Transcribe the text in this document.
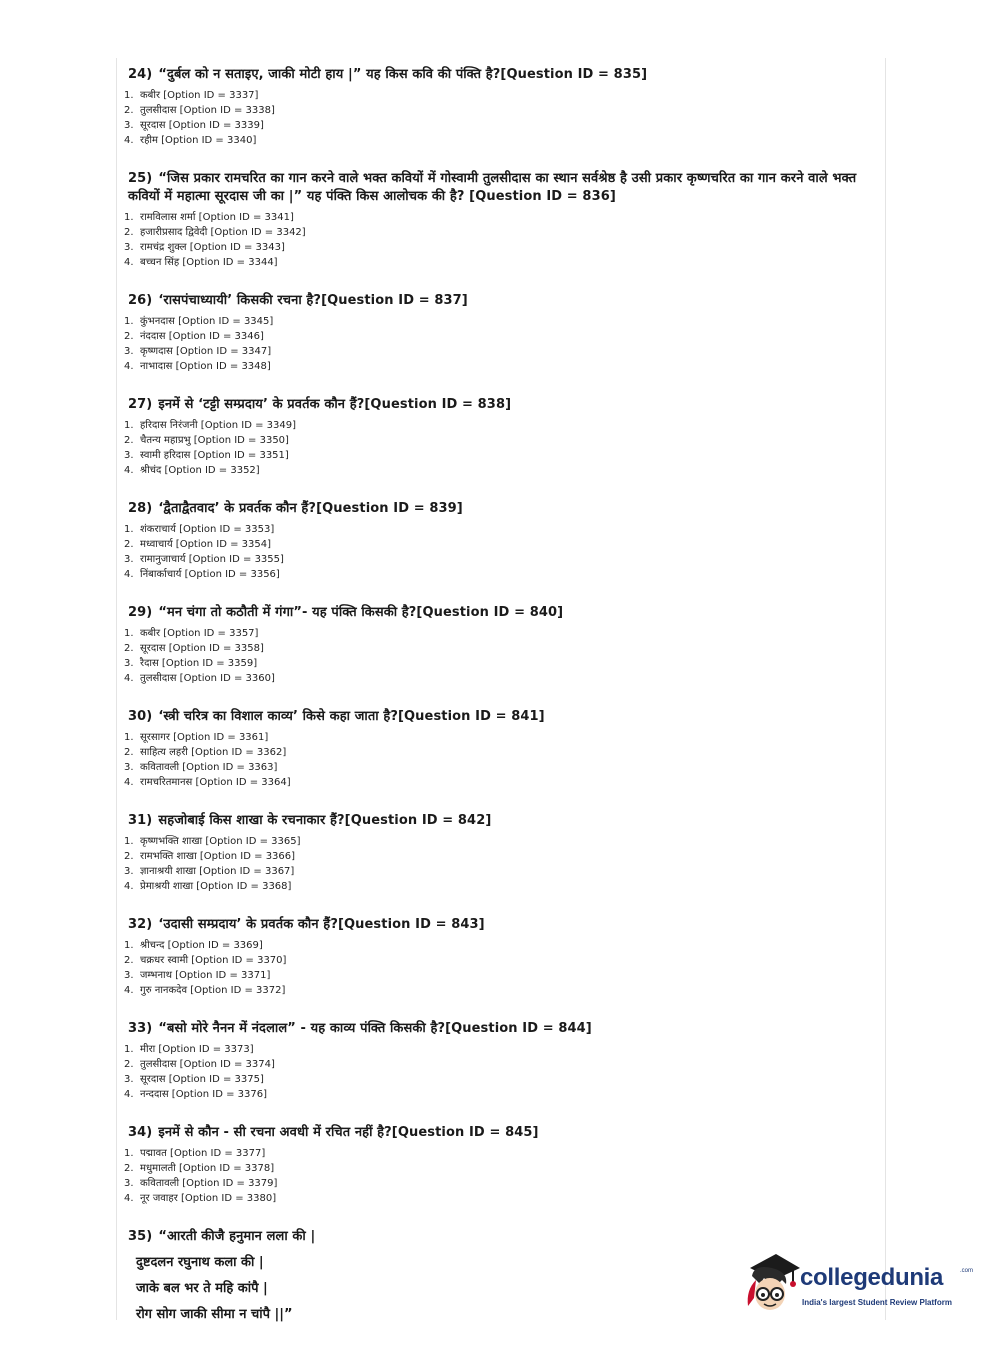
24) “दुर्बल को न सताइए, जाकी मोटी हाय |” यह किस कवि की पंक्ति है?[Question ID = 835]
1. कबीर [Option ID = 3337]
2. तुलसीदास [Option ID = 3338]
3. सूरदास [Option ID = 3339]
4. रहीम [Option ID = 3340]
25) “जिस प्रकार रामचरित का गान करने वाले भक्त कवियों में गोस्वामी तुलसीदास का स्थान सर्वश्रेष्ठ है उसी प्रकार कृष्णचरित का गान करने वाले भक्त कवियों में महात्मा सूरदास जी का |” यह पंक्ति किस आलोचक की है? [Question ID = 836]
1. रामविलास शर्मा [Option ID = 3341]
2. हजारीप्रसाद द्विवेदी [Option ID = 3342]
3. रामचंद्र शुक्ल [Option ID = 3343]
4. बच्चन सिंह [Option ID = 3344]
26) ‘रासपंचाध्यायी’ किसकी रचना है?[Question ID = 837]
1. कुंभनदास [Option ID = 3345]
2. नंददास [Option ID = 3346]
3. कृष्णदास [Option ID = 3347]
4. नाभादास [Option ID = 3348]
27) इनमें से ‘टट्टी सम्प्रदाय’ के प्रवर्तक कौन हैं?[Question ID = 838]
1. हरिदास निरंजनी [Option ID = 3349]
2. चैतन्य महाप्रभु [Option ID = 3350]
3. स्वामी हरिदास [Option ID = 3351]
4. श्रीचंद [Option ID = 3352]
28) ‘द्वैताद्वैतवाद’ के प्रवर्तक कौन हैं?[Question ID = 839]
1. शंकराचार्य [Option ID = 3353]
2. मध्वाचार्य [Option ID = 3354]
3. रामानुजाचार्य [Option ID = 3355]
4. निंबार्काचार्य [Option ID = 3356]
29) “मन चंगा तो कठौती में गंगा”- यह पंक्ति किसकी है?[Question ID = 840]
1. कबीर [Option ID = 3357]
2. सूरदास [Option ID = 3358]
3. रैदास [Option ID = 3359]
4. तुलसीदास [Option ID = 3360]
30) ‘स्त्री चरित्र का विशाल काव्य’ किसे कहा जाता है?[Question ID = 841]
1. सूरसागर [Option ID = 3361]
2. साहित्य लहरी [Option ID = 3362]
3. कवितावली [Option ID = 3363]
4. रामचरितमानस [Option ID = 3364]
31) सहजोबाई किस शाखा के रचनाकार हैं?[Question ID = 842]
1. कृष्णभक्ति शाखा [Option ID = 3365]
2. रामभक्ति शाखा [Option ID = 3366]
3. ज्ञानाश्रयी शाखा [Option ID = 3367]
4. प्रेमाश्रयी शाखा [Option ID = 3368]
32) ‘उदासी सम्प्रदाय’ के प्रवर्तक कौन हैं?[Question ID = 843]
1. श्रीचन्द [Option ID = 3369]
2. चक्रधर स्वामी [Option ID = 3370]
3. जम्भनाथ [Option ID = 3371]
4. गुरु नानकदेव [Option ID = 3372]
33) “बसो मोरे नैनन में नंदलाल” - यह काव्य पंक्ति किसकी है?[Question ID = 844]
1. मीरा [Option ID = 3373]
2. तुलसीदास [Option ID = 3374]
3. सूरदास [Option ID = 3375]
4. नन्ददास [Option ID = 3376]
34) इनमें से कौन - सी रचना अवधी में रचित नहीं है?[Question ID = 845]
1. पद्मावत [Option ID = 3377]
2. मधुमालती [Option ID = 3378]
3. कवितावली [Option ID = 3379]
4. नूर जवाहर [Option ID = 3380]
35) “आरती कीजै हनुमान लला की |
दुष्टदलन रघुनाथ कला की |
जाके बल भर ते महि कांपै |
रोग सोग जाकी सीमा न चांपै ||”
collegedunia	.com
India's largest Student Review Platform
